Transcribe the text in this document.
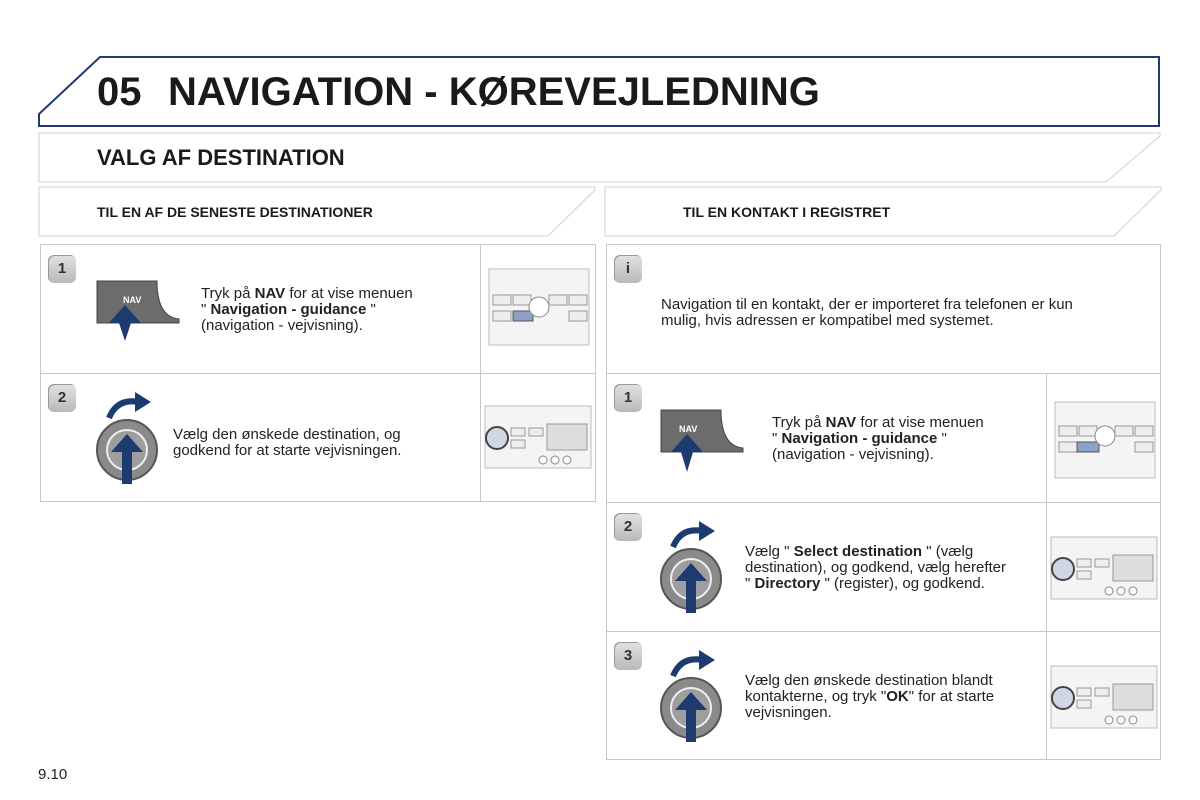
05 NAVIGATION - KØREVEJLEDNING
VALG AF DESTINATION
TIL EN AF DE SENESTE DESTINATIONER	TIL EN KONTAKT I REGISTRET
1
NAV	Tryk på NAV for at vise menuen
" Navigation - guidance "
(navigation - vejvisning).
2
Vælg den ønskede destination, og
godkend for at starte vejvisningen.
i
Navigation til en kontakt, der er importeret fra telefonen er kun
mulig, hvis adressen er kompatibel med systemet.
1
NAV	Tryk på NAV for at vise menuen
" Navigation - guidance "
(navigation - vejvisning).
2
Vælg " Select destination " (vælg
destination), og godkend, vælg herefter
" Directory " (register), og godkend.
3
Vælg den ønskede destination blandt
kontakterne, og tryk "OK" for at starte
vejvisningen.
9.10
